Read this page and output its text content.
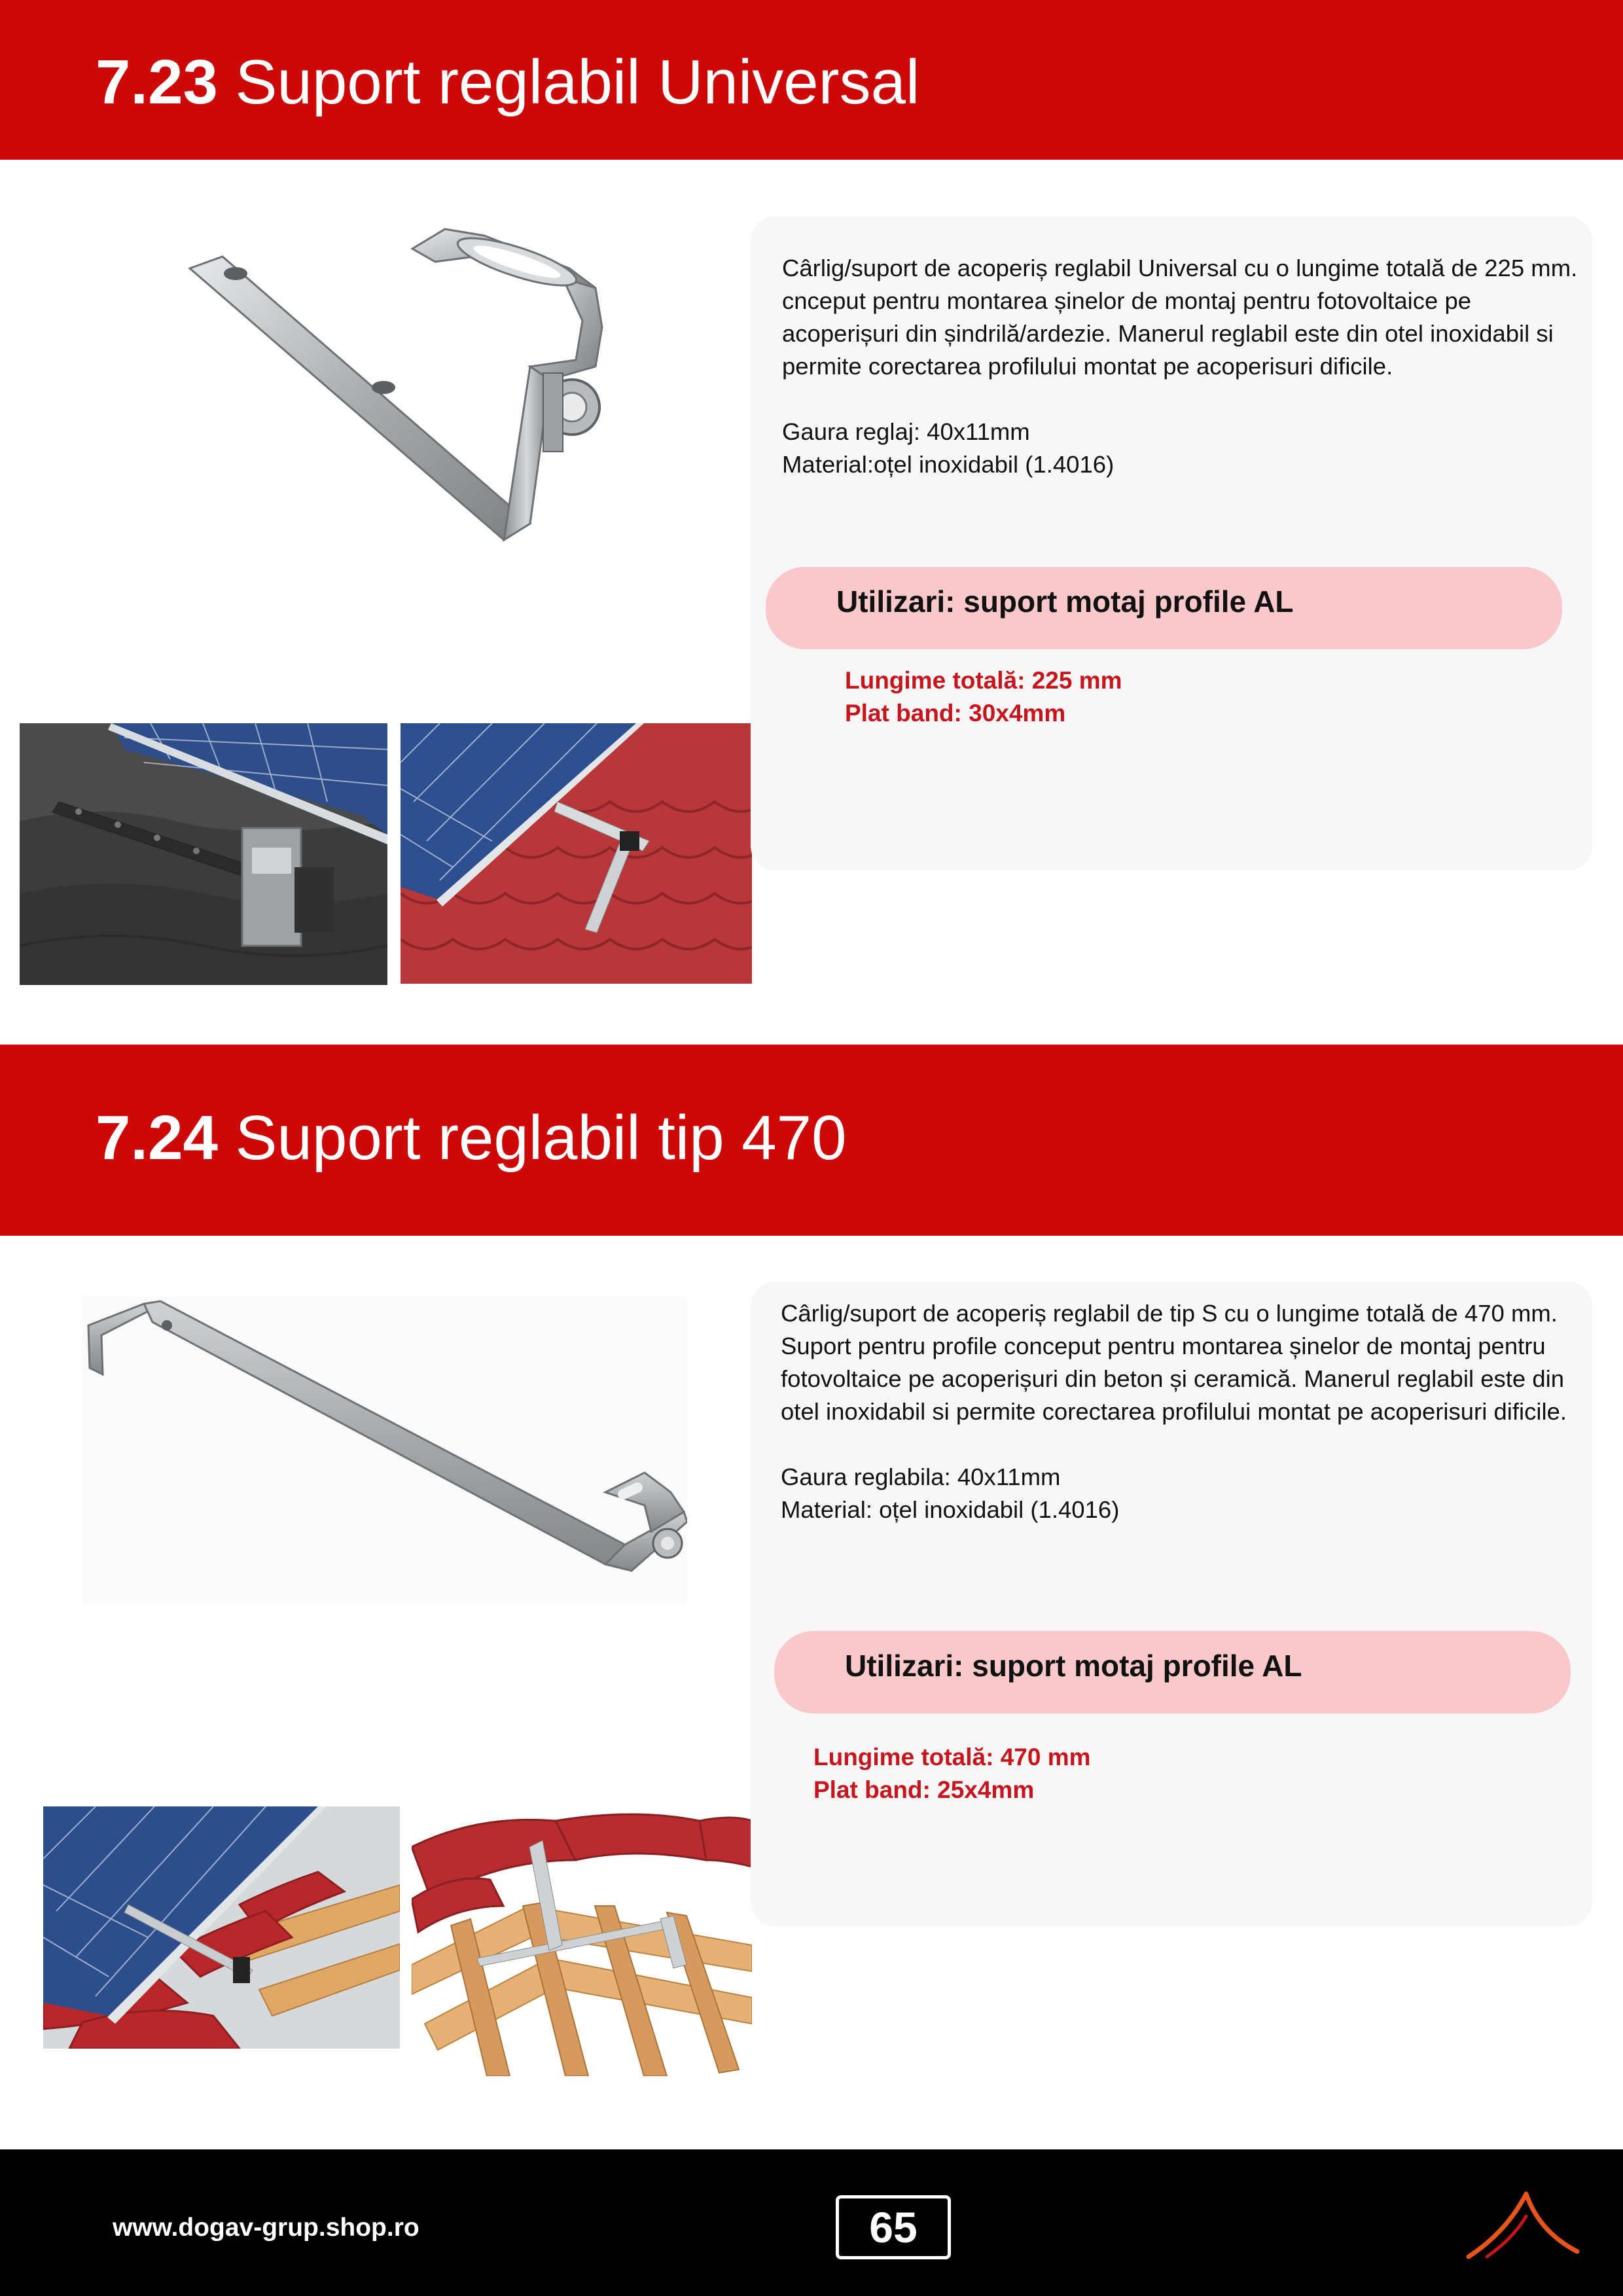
7.23 Suport reglabil Universal

Cârlig/suport de acoperiș reglabil Universal cu o lungime totală de 225 mm. cnceput pentru montarea șinelor de montaj pentru fotovoltaice pe acoperișuri din șindrilă/ardezie. Manerul reglabil este din otel inoxidabil si permite corectarea profilului montat pe acoperisuri dificile.

Gaura reglaj: 40x11mm

Material:oțel inoxidabil (1.4016)

Utilizari: suport motaj profile AL
Lungime totală: 225 mm
Plat band: 30x4mm
7.24 Suport reglabil tip 470

Cârlig/suport de acoperiș reglabil de tip S cu o lungime totală de 470 mm. Suport pentru profile conceput pentru montarea șinelor de montaj pentru fotovoltaice pe acoperișuri din beton și ceramică. Manerul reglabil este din otel inoxidabil si permite corectarea profilului montat pe acoperisuri dificile.

Gaura reglabila: 40x11mm

Material: oțel inoxidabil (1.4016)

Utilizari: suport motaj profile AL
Lungime totală: 470 mm
Plat band: 25x4mm
www.dogav-grup.shop.ro	65
